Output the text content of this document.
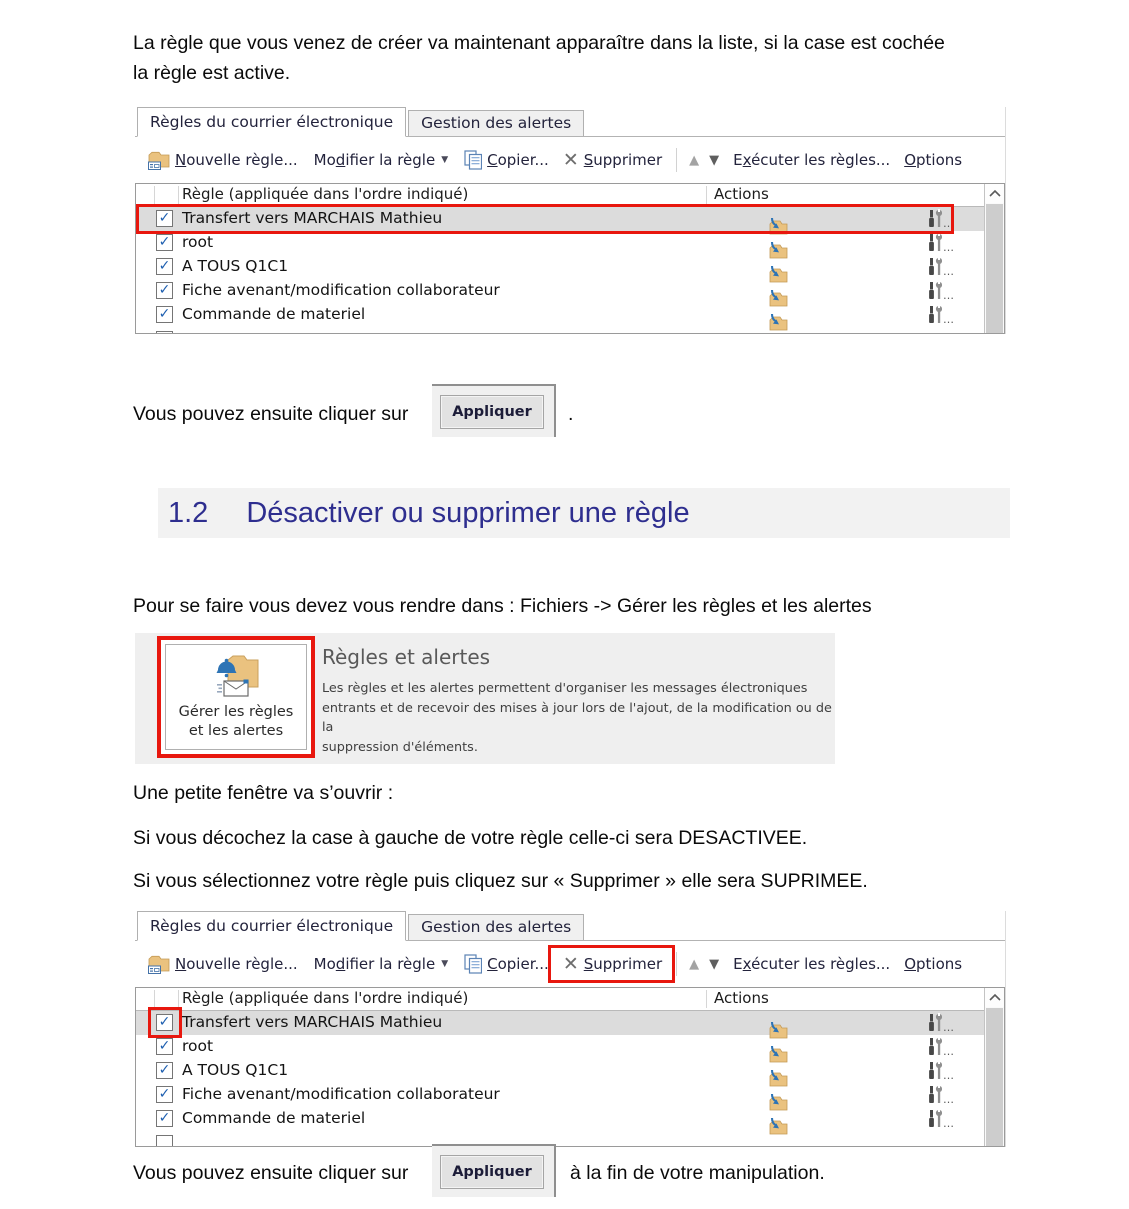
La règle que vous venez de créer va maintenant apparaître dans la liste, si la case est cochée
la règle est active.
Règles du courrier électronique	Gestion des alertes
Nouvelle règle... Modifier la règle ▼	Copier... ✕ Supprimer ▲ ▼ Exécuter les règles... Options
Règle (appliquée dans l'ordre indiqué)	Actions
✓ Transfert vers MARCHAIS Mathieu	…
✓ root	…
✓ A TOUS Q1C1	…
✓ Fiche avenant/modification collaborateur	…
✓ Commande de materiel	…
Vous pouvez ensuite cliquer sur	Appliquer	.
1.2 Désactiver ou supprimer une règle
Pour se faire vous devez vous rendre dans : Fichiers -> Gérer les règles et les alertes
Gérer les règles
et les alertes
Règles et alertes
Les règles et les alertes permettent d'organiser les messages électroniques
entrants et de recevoir des mises à jour lors de l'ajout, de la modification ou de la
suppression d'éléments.
Une petite fenêtre va s’ouvrir :
Si vous décochez la case à gauche de votre règle celle-ci sera DESACTIVEE.
Si vous sélectionnez votre règle puis cliquez sur « Supprimer » elle sera SUPRIMEE.
Règles du courrier électronique	Gestion des alertes
Nouvelle règle... Modifier la règle ▼	Copier... ✕ Supprimer ▲ ▼ Exécuter les règles... Options
Règle (appliquée dans l'ordre indiqué)	Actions
✓ Transfert vers MARCHAIS Mathieu	…
✓ root	…
✓ A TOUS Q1C1	…
✓ Fiche avenant/modification collaborateur	…
✓ Commande de materiel	…
Vous pouvez ensuite cliquer sur	Appliquer	à la fin de votre manipulation.
